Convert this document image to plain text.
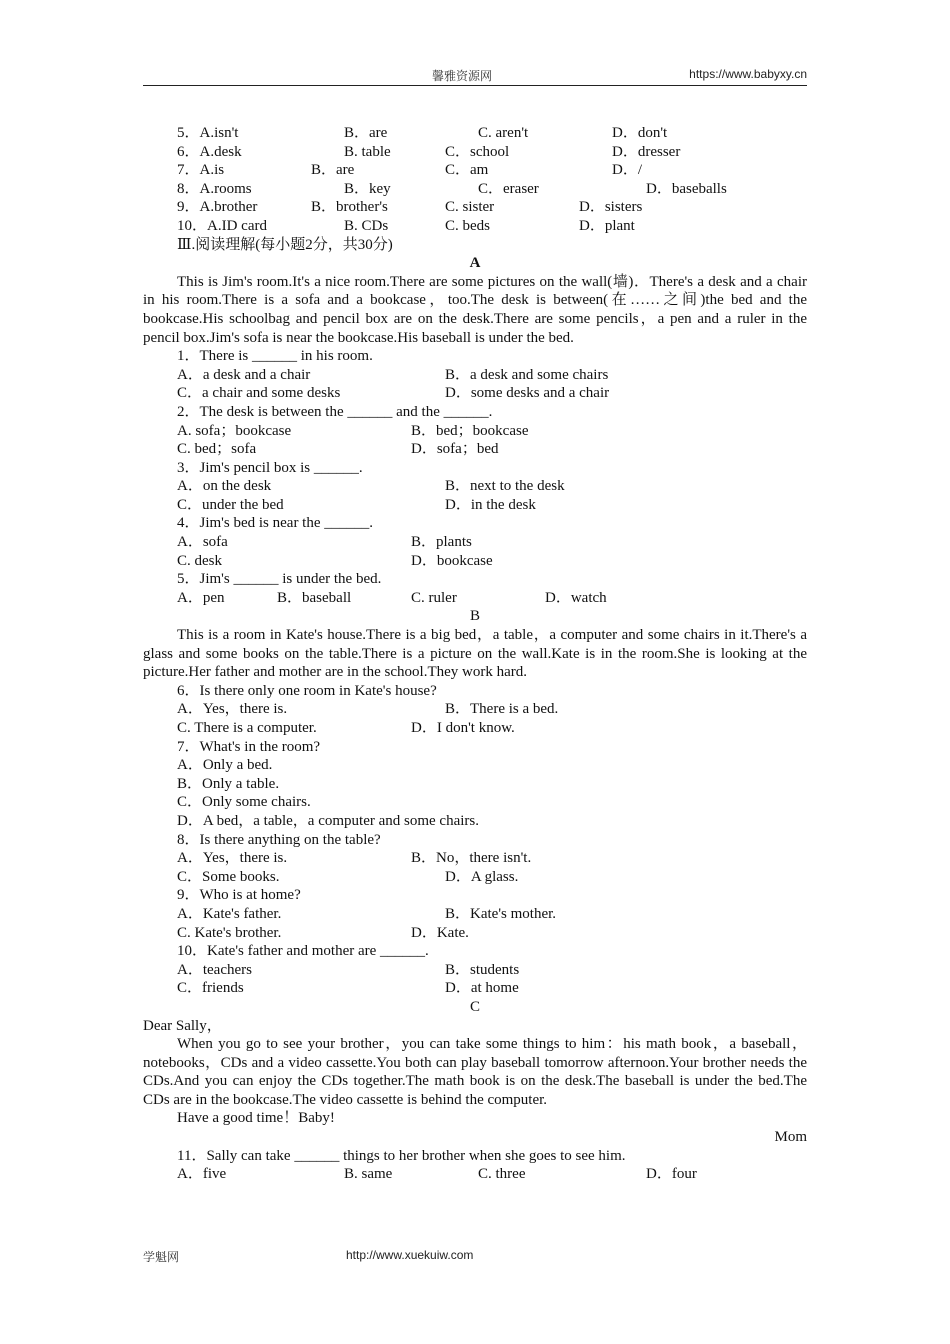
馨雅资源网	https://www.babyxy.cn
5．A.isn't	B．are	C. aren't	D．don't
6．A.desk	B. table	C．school	D．dresser
7．A.is	B．are	C．am	D．/
8．A.rooms	B．key	C．eraser	D．baseballs
9．A.brother	B．brother's	C. sister	D．sisters
10．A.ID card	B. CDs	C. beds	D．plant
Ⅲ.阅读理解(每小题2分，共30分)
A
This is Jim's room.It's a nice room.There are some pictures on the wall(墙)．There's a desk and a chair in his room.There is a sofa and a bookcase，too.The desk is between(在……之间)the bed and the bookcase.His schoolbag and pencil box are on the desk.There are some pencils，a pen and a ruler in the pencil box.Jim's sofa is near the bookcase.His baseball is under the bed.
1．There is ______ in his room.
A．a desk and a chair	B．a desk and some chairs
C．a chair and some desks	D．some desks and a chair
2．The desk is between the ______ and the ______.
A. sofa；bookcase	B．bed；bookcase
C. bed；sofa	D．sofa；bed
3．Jim's pencil box is ______.
A．on the desk	B．next to the desk
C．under the bed	D．in the desk
4．Jim's bed is near the ______.
A．sofa	B．plants
C. desk	D．bookcase
5．Jim's ______ is under the bed.
A．pen	B．baseball	C. ruler	D．watch
B
This is a room in Kate's house.There is a big bed，a table，a computer and some chairs in it.There's a glass and some books on the table.There is a picture on the wall.Kate is in the room.She is looking at the picture.Her father and mother are in the school.They work hard.
6．Is there only one room in Kate's house?
A．Yes，there is.	B．There is a bed.
C. There is a computer.	D．I don't know.
7．What's in the room?
A．Only a bed.
B．Only a table.
C．Only some chairs.
D．A bed，a table，a computer and some chairs.
8．Is there anything on the table?
A．Yes，there is.	B．No，there isn't.
C．Some books.	D．A glass.
9．Who is at home?
A．Kate's father.	B．Kate's mother.
C. Kate's brother.	D．Kate.
10．Kate's father and mother are ______.
A．teachers	B．students
C．friends	D．at home
C
Dear Sally，
When you go to see your brother，you can take some things to him：his math book，a baseball，notebooks，CDs and a video cassette.You both can play baseball tomorrow afternoon.Your brother needs the CDs.And you can enjoy the CDs together.The math book is on the desk.The baseball is under the bed.The CDs are in the bookcase.The video cassette is behind the computer.
Have a good time！Baby!
Mom
11．Sally can take ______ things to her brother when she goes to see him.
A．five	B. same	C. three	D．four
学魁网	http://www.xuekuiw.com
